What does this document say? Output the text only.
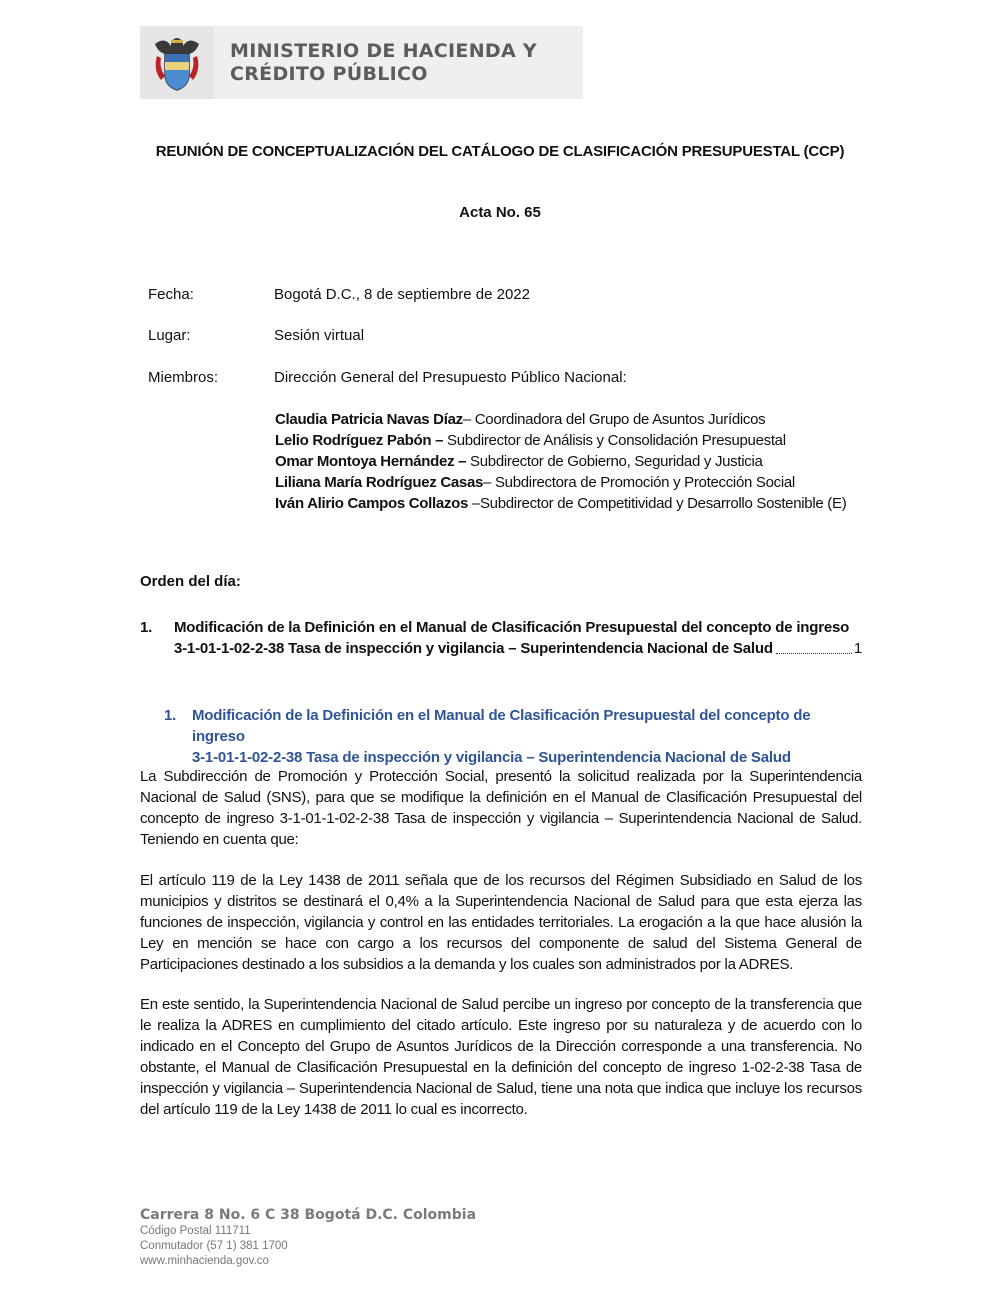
MINISTERIO DE HACIENDA Y
CRÉDITO PÚBLICO
REUNIÓN DE CONCEPTUALIZACIÓN DEL CATÁLOGO DE CLASIFICACIÓN PRESUPUESTAL (CCP)
Acta No. 65
Fecha:	Bogotá D.C., 8 de septiembre de 2022
Lugar:	Sesión virtual
Miembros:	Dirección General del Presupuesto Público Nacional:
Claudia Patricia Navas Díaz– Coordinadora del Grupo de Asuntos Jurídicos
Lelio Rodríguez Pabón – Subdirector de Análisis y Consolidación Presupuestal
Omar Montoya Hernández – Subdirector de Gobierno, Seguridad y Justicia
Liliana María Rodríguez Casas– Subdirectora de Promoción y Protección Social
Iván Alirio Campos Collazos –Subdirector de Competitividad y Desarrollo Sostenible (E)
Orden del día:
1. Modificación de la Definición en el Manual de Clasificación Presupuestal del concepto de ingreso
3-1-01-1-02-2-38 Tasa de inspección y vigilancia – Superintendencia Nacional de Salud	1
1. Modificación de la Definición en el Manual de Clasificación Presupuestal del concepto de ingreso
3-1-01-1-02-2-38 Tasa de inspección y vigilancia – Superintendencia Nacional de Salud
La Subdirección de Promoción y Protección Social, presentó la solicitud realizada por la Superintendencia Nacional de Salud (SNS), para que se modifique la definición en el Manual de Clasificación Presupuestal del concepto de ingreso 3-1-01-1-02-2-38 Tasa de inspección y vigilancia – Superintendencia Nacional de Salud. Teniendo en cuenta que:
El artículo 119 de la Ley 1438 de 2011 señala que de los recursos del Régimen Subsidiado en Salud de los municipios y distritos se destinará el 0,4% a la Superintendencia Nacional de Salud para que esta ejerza las funciones de inspección, vigilancia y control en las entidades territoriales. La erogación a la que hace alusión la Ley en mención se hace con cargo a los recursos del componente de salud del Sistema General de Participaciones destinado a los subsidios a la demanda y los cuales son administrados por la ADRES.
En este sentido, la Superintendencia Nacional de Salud percibe un ingreso por concepto de la transferencia que le realiza la ADRES en cumplimiento del citado artículo. Este ingreso por su naturaleza y de acuerdo con lo indicado en el Concepto del Grupo de Asuntos Jurídicos de la Dirección corresponde a una transferencia. No obstante, el Manual de Clasificación Presupuestal en la definición del concepto de ingreso 1-02-2-38 Tasa de inspección y vigilancia – Superintendencia Nacional de Salud, tiene una nota que indica que incluye los recursos del artículo 119 de la Ley 1438 de 2011 lo cual es incorrecto.
Carrera 8 No. 6 C 38 Bogotá D.C. Colombia
Código Postal 111711
Conmutador (57 1) 381 1700
www.minhacienda.gov.co
